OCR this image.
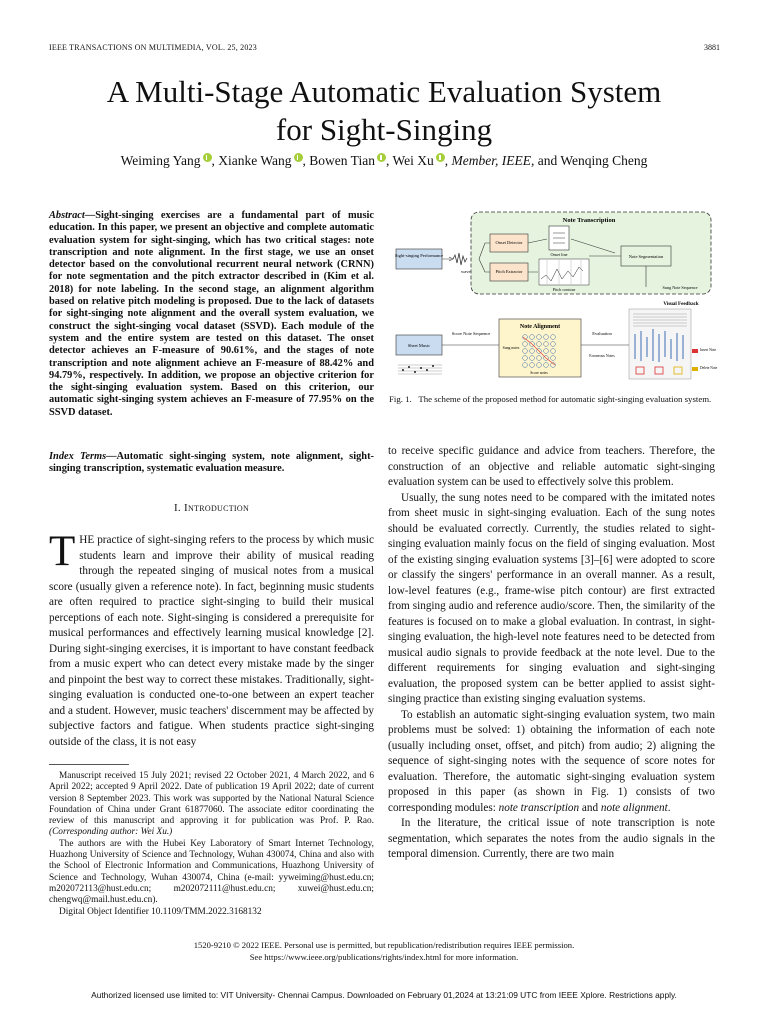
IEEE TRANSACTIONS ON MULTIMEDIA, VOL. 25, 2023	3881
A Multi-Stage Automatic Evaluation System
for Sight-Singing
Weiming Yang , Xianke Wang , Bowen Tian , Wei Xu , Member, IEEE, and Wenqing Cheng
Abstract—Sight-singing exercises are a fundamental part of music education. In this paper, we present an objective and complete automatic evaluation system for sight-singing, which has two critical stages: note transcription and note alignment. In the first stage, we use an onset detector based on the convolutional recurrent neural network (CRNN) for note segmentation and the pitch extractor described in (Kim et al. 2018) for note labeling. In the second stage, an alignment algorithm based on relative pitch modeling is proposed. Due to the lack of datasets for sight-singing note alignment and the overall system evaluation, we construct the sight-singing vocal dataset (SSVD). Each module of the system and the entire system are tested on this dataset. The onset detector achieves an F-measure of 90.61%, and the stages of note transcription and note alignment achieve an F-measure of 88.42% and 94.79%, respectively. In addition, we propose an objective criterion for the sight-singing evaluation system. Based on this criterion, our automatic sight-singing system achieves an F-measure of 77.95% on the SSVD dataset.
Index Terms—Automatic sight-singing system, note alignment, sight-singing transcription, systematic evaluation measure.
I. Introduction

THE practice of sight-singing refers to the process by which music students learn and improve their ability of musical reading through the repeated singing of musical notes from a musical score (usually given a reference note). In fact, beginning music students are often required to practice sight-singing to build their musical perceptions of each note. Sight-singing is considered a prerequisite for musical performances and effectively learning musical knowledge [2]. During sight-singing exercises, it is important to have constant feedback from a music expert who can detect every mistake made by the singer and pinpoint the best way to correct these mistakes. Traditionally, sight-singing evaluation is conducted one-to-one between an expert teacher and a student. However, music teachers' discernment may be affected by subjective factors and fatigue. When students practice sight-singing outside of the class, it is not easy

Manuscript received 15 July 2021; revised 22 October 2021, 4 March 2022, and 6 April 2022; accepted 9 April 2022. Date of publication 19 April 2022; date of current version 8 September 2023. This work was supported by the National Natural Science Foundation of China under Grant 61877060. The associate editor coordinating the review of this manuscript and approving it for publication was Prof. P. Rao. (Corresponding author: Wei Xu.)

The authors are with the Hubei Key Laboratory of Smart Internet Technology, Huazhong University of Science and Technology, Wuhan 430074, China and also with the School of Electronic Information and Communications, Huazhong University of Science and Technology, Wuhan 430074, China (e-mail: yyweiming@hust.edu.cn; m202072113@hust.edu.cn; m202072111@hust.edu.cn; xuwei@hust.edu.cn; chengwq@mail.hust.edu.cn).

Digital Object Identifier 10.1109/TMM.2022.3168132

Note Transcription
Sight-singing Performance
wave
Onset Detector
Pitch Extractor
Onset line
Pitch contour
Note Segmentation
Sung Note Sequence
Visual Feedback
Insert Note
Delete Note
Note Alignment
Sung notes
Score notes
Sheet Music
Score Note Sequence	Evaluation
Erroneous Notes
Fig. 1. The scheme of the proposed method for automatic sight-singing evaluation system.

to receive specific guidance and advice from teachers. Therefore, the construction of an objective and reliable automatic sight-singing evaluation system can be used to effectively solve this problem.

Usually, the sung notes need to be compared with the imitated notes from sheet music in sight-singing evaluation. Each of the sung notes should be evaluated correctly. Currently, the studies related to sight-singing evaluation mainly focus on the field of singing evaluation. Most of the existing singing evaluation systems [3]–[6] were adopted to score or classify the singers' performance in an overall manner. As a result, low-level features (e.g., frame-wise pitch contour) are first extracted from singing audio and reference audio/score. Then, the similarity of the features is focused on to make a global evaluation. In contrast, in sight-singing evaluation, the high-level note features need to be detected from musical audio signals to provide feedback at the note level. Due to the different requirements for singing evaluation and sight-singing evaluation, the proposed system can be better applied to assist sight-singing practice than existing singing evaluation systems.

To establish an automatic sight-singing evaluation system, two main problems must be solved: 1) obtaining the information of each note (usually including onset, offset, and pitch) from audio; 2) aligning the sequence of sight-singing notes with the sequence of score notes for evaluation. Therefore, the automatic sight-singing evaluation system proposed in this paper (as shown in Fig. 1) consists of two corresponding modules: note transcription and note alignment.

In the literature, the critical issue of note transcription is note segmentation, which separates the notes from the audio signals in the temporal dimension. Currently, there are two main

1520-9210 © 2022 IEEE. Personal use is permitted, but republication/redistribution requires IEEE permission.
See https://www.ieee.org/publications/rights/index.html for more information.
Authorized licensed use limited to: VIT University- Chennai Campus. Downloaded on February 01,2024 at 13:21:09 UTC from IEEE Xplore. Restrictions apply.
